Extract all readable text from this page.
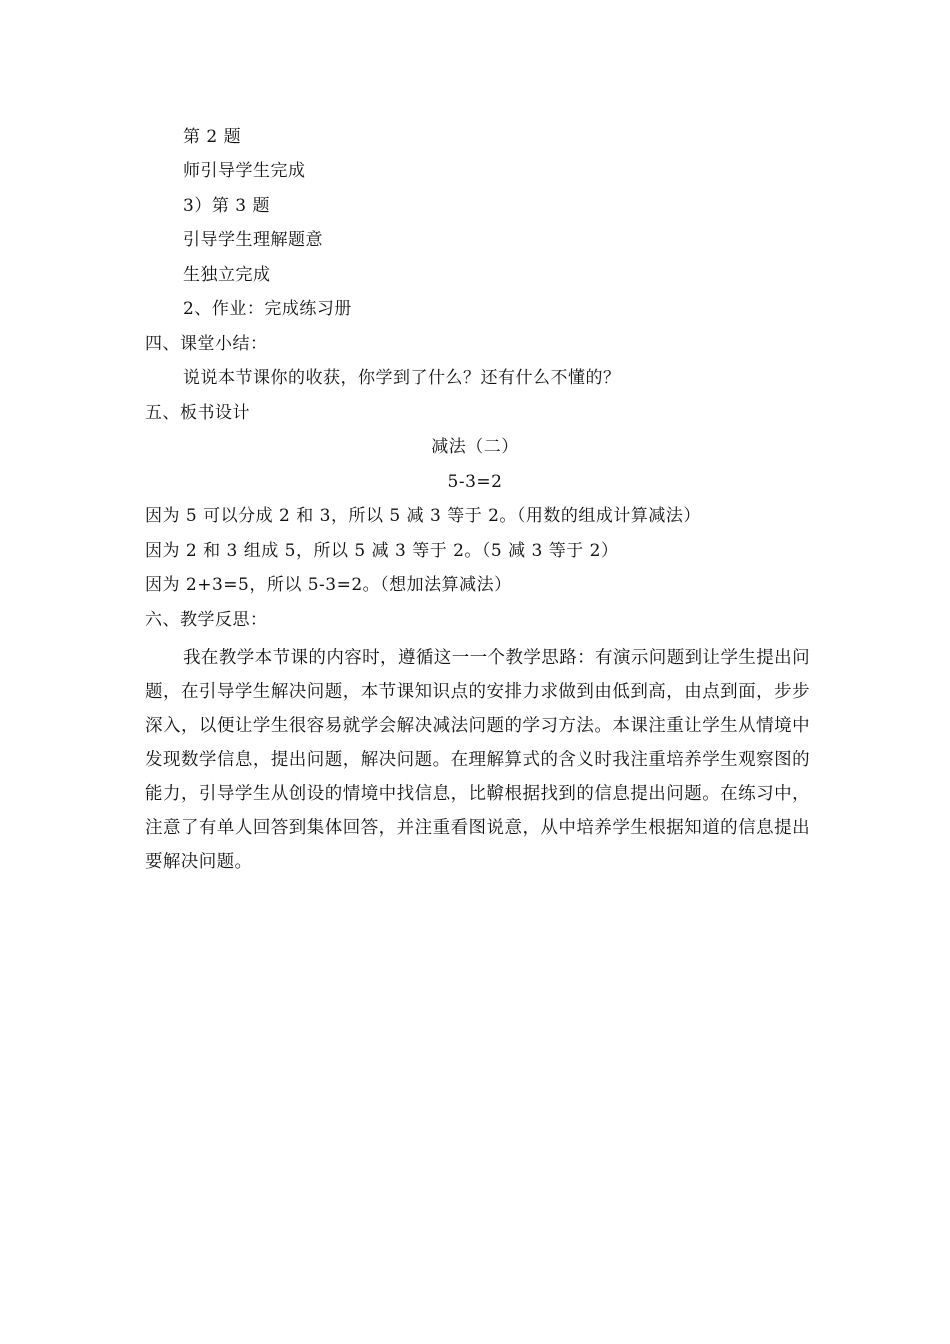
第 2 题
师引导学生完成
3）第 3 题
引导学生理解题意
生独立完成
2、作业：完成练习册
四、课堂小结：
说说本节课你的收获，你学到了什么？还有什么不懂的？
五、板书设计
减法（二）
5-3=2
因为 5 可以分成 2 和 3，所以 5 减 3 等于 2。（用数的组成计算减法）
因为 2 和 3 组成 5，所以 5 减 3 等于 2。（5 减 3 等于 2）
因为 2+3=5，所以 5-3=2。（想加法算减法）
六、教学反思：

我在教学本节课的内容时，遵循这一一个教学思路：有演示问题到让学生提出问题，在引导学生解决问题，本节课知识点的安排力求做到由低到高，由点到面，步步深入，以便让学生很容易就学会解决减法问题的学习方法。本课注重让学生从情境中发现数学信息，提出问题，解决问题。在理解算式的含义时我注重培养学生观察图的能力，引导学生从创设的情境中找信息，比鞥根据找到的信息提出问题。在练习中，注意了有单人回答到集体回答，并注重看图说意，从中培养学生根据知道的信息提出要解决问题。
